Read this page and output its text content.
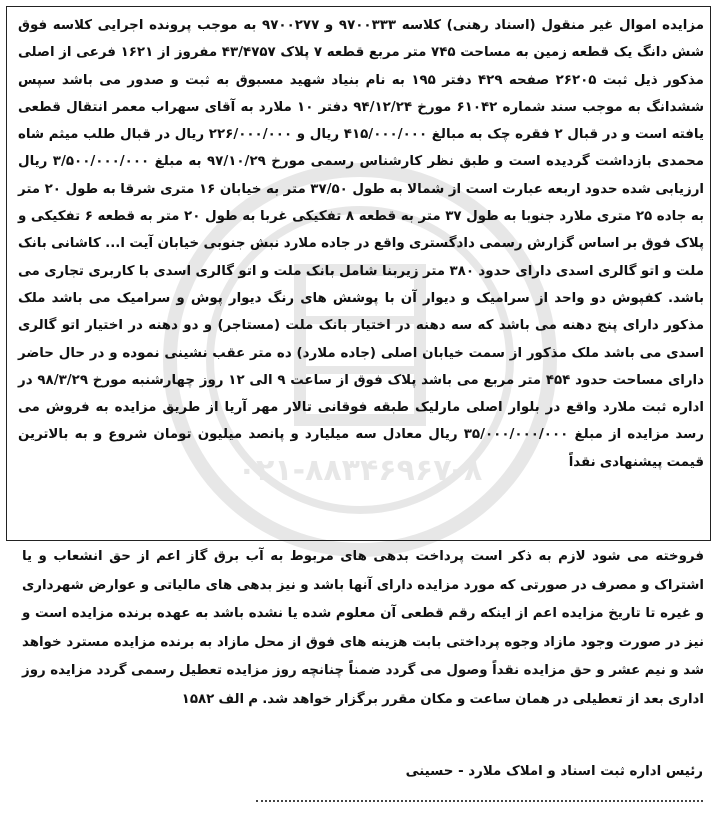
۰۲۱-۸۸۳۴۶۹۶۷-۸
مزایده اموال غیر منقول (اسناد رهنی) کلاسه ۹۷۰۰۳۳۳ و ۹۷۰۰۲۷۷ به موجب پرونده اجرایی کلاسه فوق شش دانگ یک قطعه زمین به مساحت ۷۴۵ متر مربع قطعه ۷ پلاک ۴۳/۴۷۵۷ مفروز از ۱۶۲۱ فرعی از اصلی مذکور ذیل ثبت ۲۶۲۰۵ صفحه ۴۲۹ دفتر ۱۹۵ به نام بنیاد شهید مسبوق به ثبت و صدور می باشد سپس ششدانگ به موجب سند شماره ۶۱۰۴۲ مورخ ۹۴/۱۲/۲۴ دفتر ۱۰ ملارد به آقای سهراب معمر انتقال قطعی یافته است و در قبال ۲ فقره چک به مبالغ ۴۱۵/۰۰۰/۰۰۰ ریال و ۲۲۶/۰۰۰/۰۰۰ ریال در قبال طلب میثم شاه محمدی بازداشت گردیده است و طبق نظر کارشناس رسمی مورخ ۹۷/۱۰/۲۹ به مبلغ ۳/۵۰۰/۰۰۰/۰۰۰ ریال ارزیابی شده حدود اربعه عبارت است از شمالا به طول ۳۷/۵۰ متر به خیابان ۱۶ متری شرقا به طول ۲۰ متر به جاده ۲۵ متری ملارد جنوبا به طول ۳۷ متر به قطعه ۸ تفکیکی غربا به طول ۲۰ متر به قطعه ۶ تفکیکی و پلاک فوق بر اساس گزارش رسمی دادگستری واقع در جاده ملارد نبش جنوبی خیابان آیت ا... کاشانی بانک ملت و اتو گالری اسدی دارای حدود ۳۸۰ متر زیربنا شامل بانک ملت و اتو گالری اسدی با کاربری تجاری می باشد. کفپوش دو واحد از سرامیک و دیوار آن با پوشش های رنگ دیوار پوش و سرامیک می باشد ملک مذکور دارای پنج دهنه می باشد که سه دهنه در اختیار بانک ملت (مستاجر) و دو دهنه در اختیار اتو گالری اسدی می باشد ملک مذکور از سمت خیابان اصلی (جاده ملارد) ده متر عقب نشینی نموده و در حال حاضر دارای مساحت حدود ۴۵۴ متر مربع می باشد پلاک فوق از ساعت ۹ الی ۱۲ روز چهارشنبه مورخ ۹۸/۳/۲۹ در اداره ثبت ملارد واقع در بلوار اصلی مارلیک طبقه فوقانی تالار مهر آریا از طریق مزایده به فروش می رسد مزایده از مبلغ ۳۵/۰۰۰/۰۰۰/۰۰۰ ریال معادل سه میلیارد و پانصد میلیون تومان شروع و به بالاترین قیمت پیشنهادی نقداً
فروخته می شود لازم به ذکر است پرداخت بدهی های مربوط به آب برق گاز اعم از حق انشعاب و یا اشتراک و مصرف در صورتی که مورد مزایده دارای آنها باشد و نیز بدهی های مالیاتی و عوارض شهرداری و غیره تا تاریخ مزایده اعم از اینکه رقم قطعی آن معلوم شده یا نشده باشد به عهده برنده مزایده است و نیز در صورت وجود مازاد وجوه پرداختی بابت هزینه های فوق از محل مازاد به برنده مزایده مسترد خواهد شد و نیم عشر و حق مزایده نقداً وصول می گردد ضمناً چنانچه روز مزایده تعطیل رسمی گردد مزایده روز اداری بعد از تعطیلی در همان ساعت و مکان مقرر برگزار خواهد شد. م الف ۱۵۸۲
رئیس اداره ثبت اسناد و املاک ملارد - حسینی
